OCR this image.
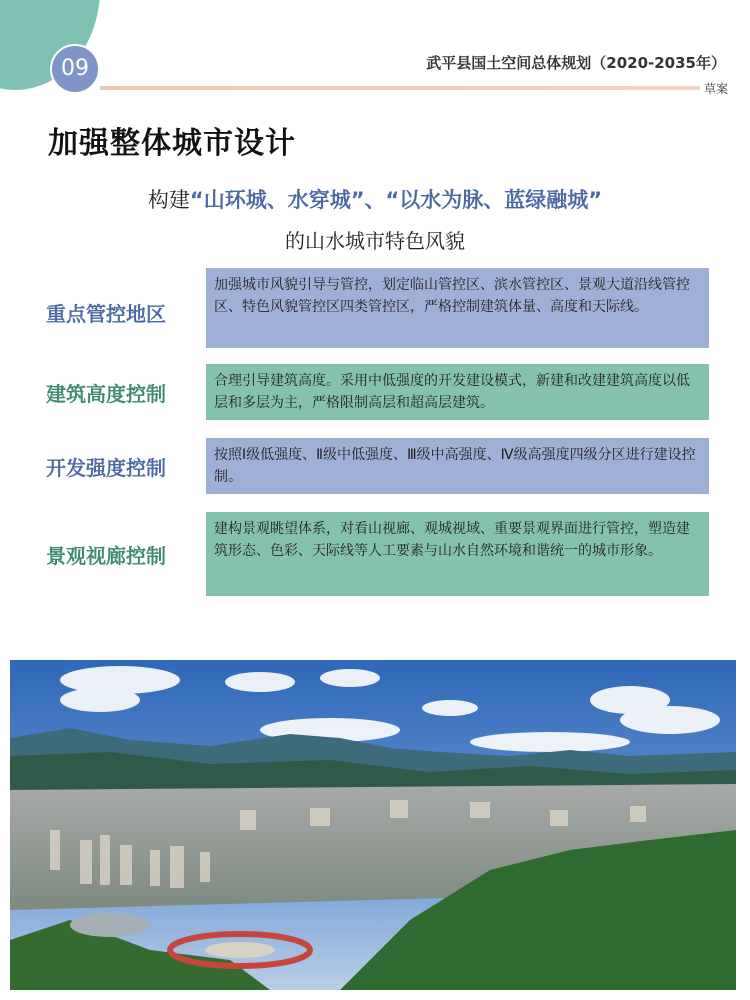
09	武平县国土空间总体规划（2020-2035年）
草案
加强整体城市设计
构建“山环城、水穿城”、“以水为脉、蓝绿融城”
的山水城市特色风貌
重点管控地区
加强城市风貌引导与管控，划定临山管控区、滨水管控区、景观大道沿线管控区、特色风貌管控区四类管控区，严格控制建筑体量、高度和天际线。
建筑高度控制
合理引导建筑高度。采用中低强度的开发建设模式，新建和改建建筑高度以低层和多层为主，严格限制高层和超高层建筑。
开发强度控制
按照Ⅰ级低强度、Ⅱ级中低强度、Ⅲ级中高强度、Ⅳ级高强度四级分区进行建设控制。
景观视廊控制
建构景观眺望体系，对看山视廊、观城视域、重要景观界面进行管控，塑造建筑形态、色彩、天际线等人工要素与山水自然环境和谐统一的城市形象。
